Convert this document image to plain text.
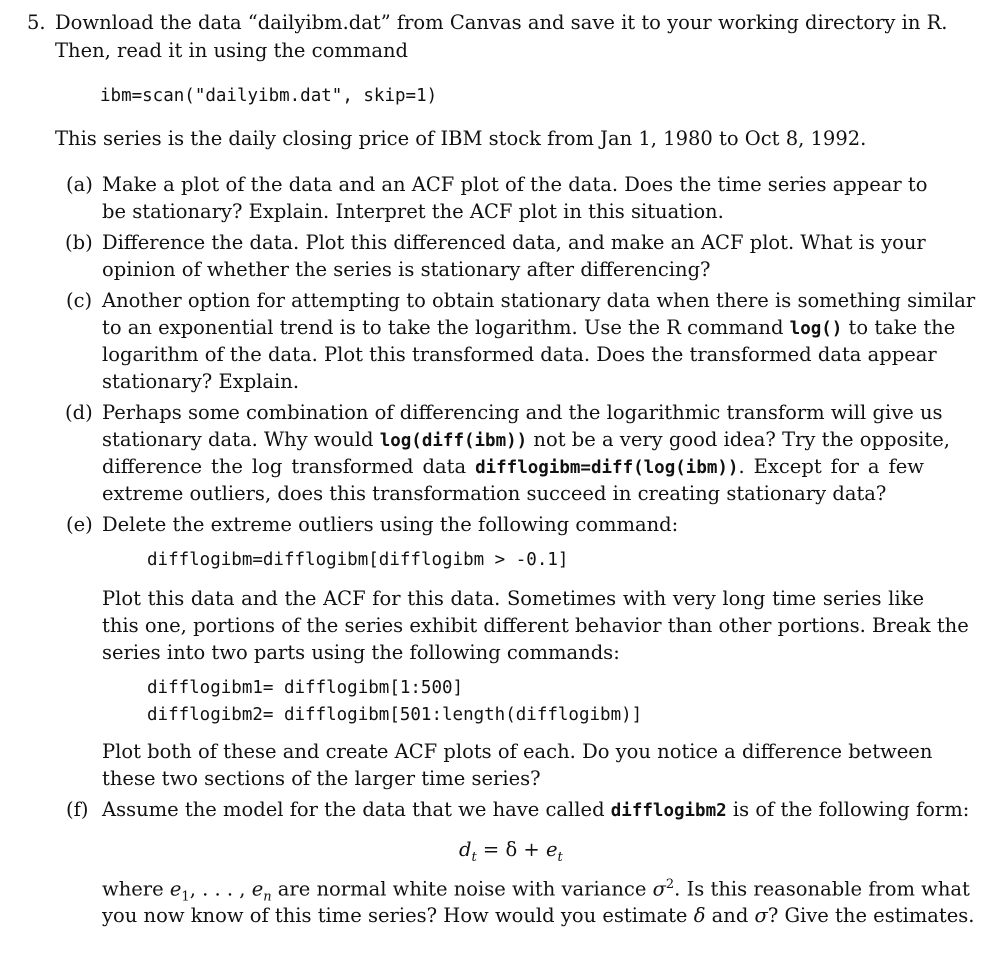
5. Download the data “dailyibm.dat” from Canvas and save it to your working directory in R.
Then, read it in using the command
ibm=scan("dailyibm.dat", skip=1)
This series is the daily closing price of IBM stock from Jan 1, 1980 to Oct 8, 1992.
(a) Make a plot of the data and an ACF plot of the data. Does the time series appear to
be stationary? Explain. Interpret the ACF plot in this situation.
(b) Difference the data. Plot this differenced data, and make an ACF plot. What is your
opinion of whether the series is stationary after differencing?
(c) Another option for attempting to obtain stationary data when there is something similar
to an exponential trend is to take the logarithm. Use the R command log() to take the
logarithm of the data. Plot this transformed data. Does the transformed data appear
stationary? Explain.
(d) Perhaps some combination of differencing and the logarithmic transform will give us
stationary data. Why would log(diff(ibm)) not be a very good idea? Try the opposite,
difference the log transformed data difflogibm=diff(log(ibm)). Except for a few
extreme outliers, does this transformation succeed in creating stationary data?
(e) Delete the extreme outliers using the following command:
difflogibm=difflogibm[difflogibm > -0.1]
Plot this data and the ACF for this data. Sometimes with very long time series like
this one, portions of the series exhibit different behavior than other portions. Break the
series into two parts using the following commands:
difflogibm1= difflogibm[1:500]
difflogibm2= difflogibm[501:length(difflogibm)]
Plot both of these and create ACF plots of each. Do you notice a difference between
these two sections of the larger time series?
(f) Assume the model for the data that we have called difflogibm2 is of the following form:
$d_t = \delta + e_t$
where $e_1$, . . . , $e_n$ are normal white noise with variance $\sigma^2$. Is this reasonable from what
you now know of this time series? How would you estimate δ and σ? Give the estimates.
